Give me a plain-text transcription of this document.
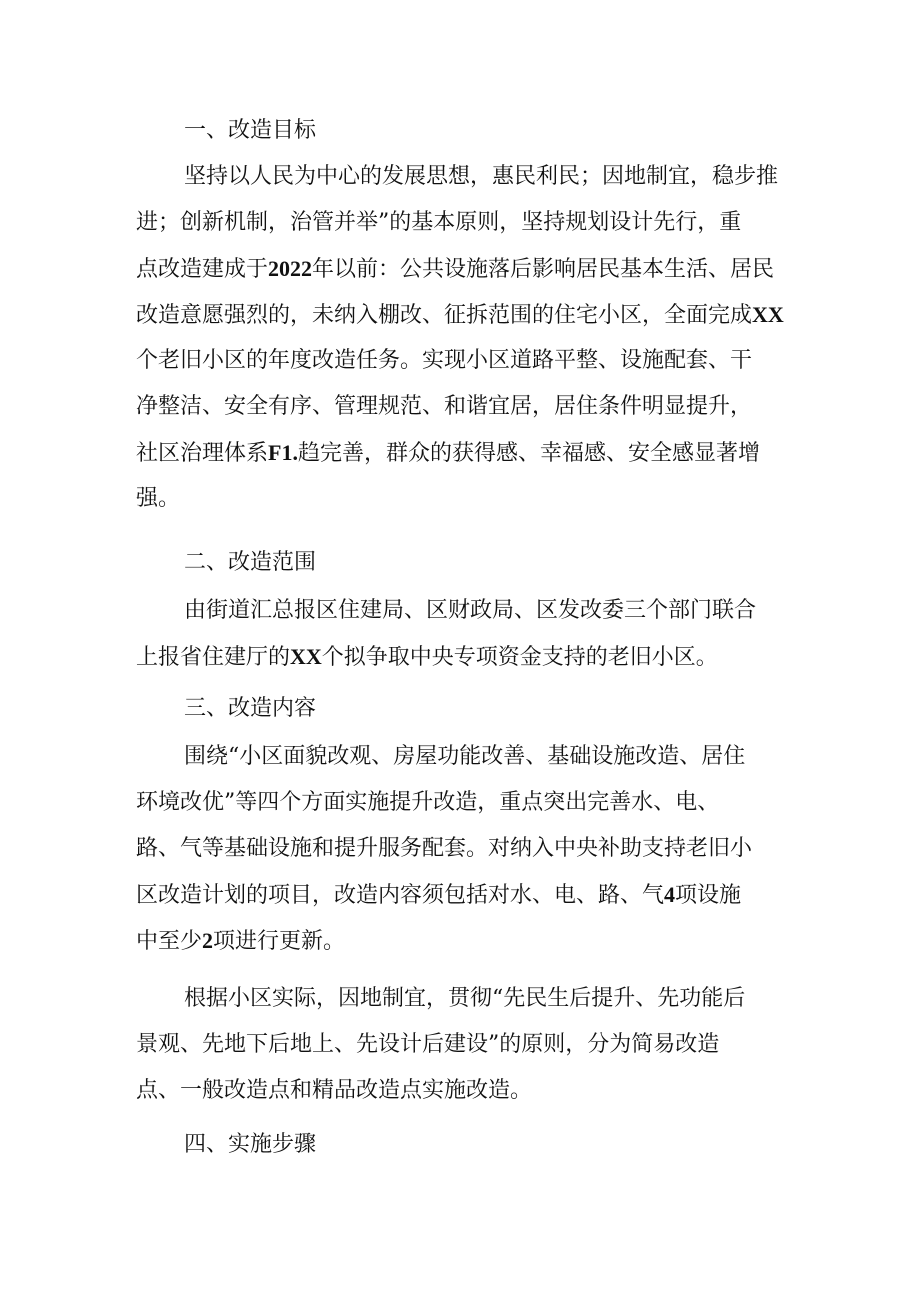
一、改造目标
坚持以人民为中心的发展思想，惠民利民；因地制宜，稳步推
进；创新机制，治管并举”的基本原则，坚持规划设计先行，重
点改造建成于2022年以前：公共设施落后影响居民基本生活、居民
改造意愿强烈的，未纳入棚改、征拆范围的住宅小区，全面完成XX
个老旧小区的年度改造任务。实现小区道路平整、设施配套、干
净整洁、安全有序、管理规范、和谐宜居，居住条件明显提升，
社区治理体系F1.趋完善，群众的获得感、幸福感、安全感显著增
强。
二、改造范围
由街道汇总报区住建局、区财政局、区发改委三个部门联合
上报省住建厅的XX个拟争取中央专项资金支持的老旧小区。
三、改造内容
围绕“小区面貌改观、房屋功能改善、基础设施改造、居住
环境改优”等四个方面实施提升改造，重点突出完善水、电、
路、气等基础设施和提升服务配套。对纳入中央补助支持老旧小
区改造计划的项目，改造内容须包括对水、电、路、气4项设施
中至少2项进行更新。
根据小区实际，因地制宜，贯彻“先民生后提升、先功能后
景观、先地下后地上、先设计后建设”的原则，分为简易改造
点、一般改造点和精品改造点实施改造。
四、实施步骤
